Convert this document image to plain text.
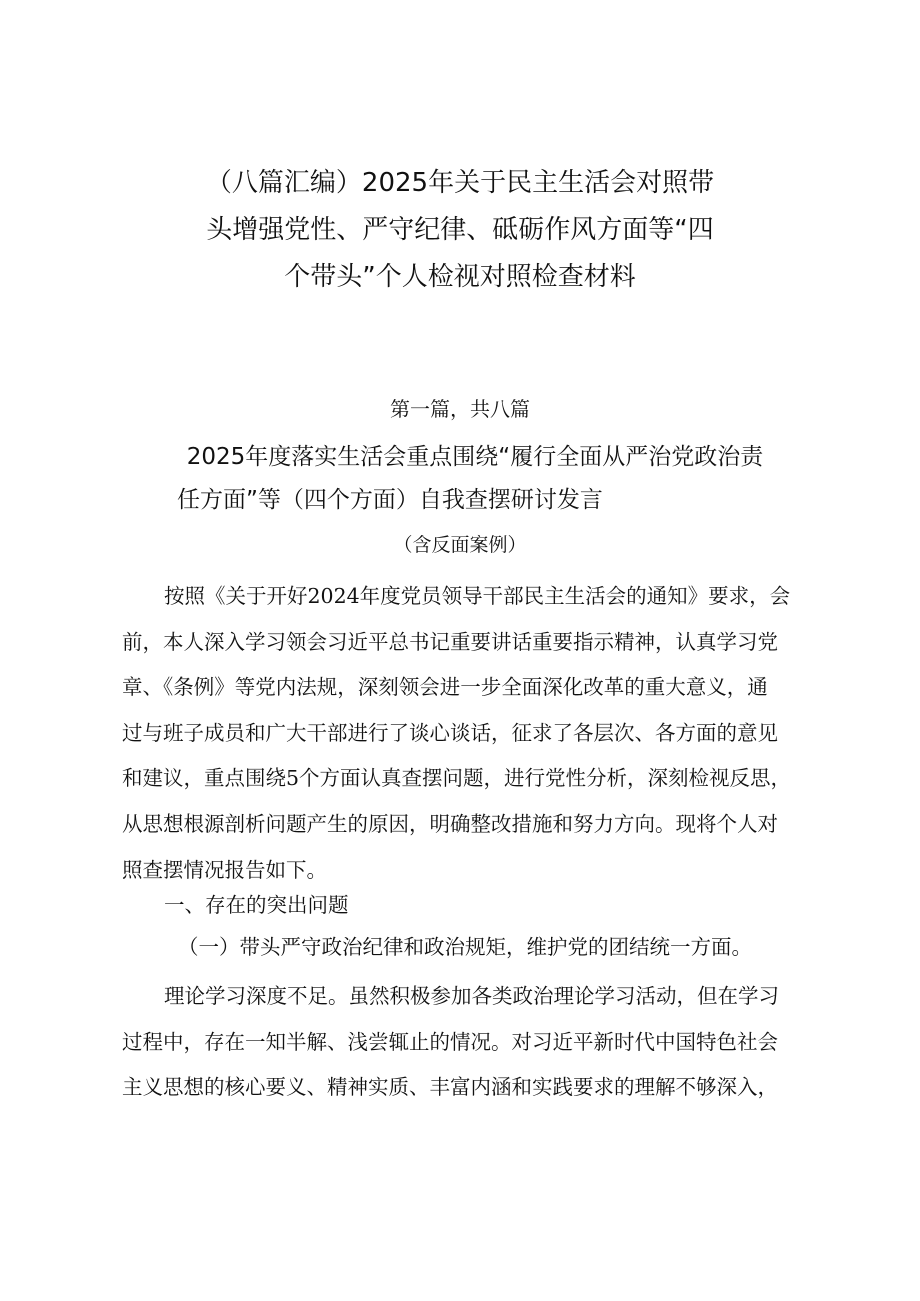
（八篇汇编）2025年关于民主生活会对照带
头增强党性、严守纪律、砥砺作风方面等“四
个带头”个人检视对照检查材料
第一篇，共八篇
2025年度落实生活会重点围绕“履行全面从严治党政治责
任方面”等（四个方面）自我查摆研讨发言
（含反面案例）
按照《关于开好2024年度党员领导干部民主生活会的通知》要求，会
前，本人深入学习领会习近平总书记重要讲话重要指示精神，认真学习党
章、《条例》等党内法规，深刻领会进一步全面深化改革的重大意义，通
过与班子成员和广大干部进行了谈心谈话，征求了各层次、各方面的意见
和建议，重点围绕5个方面认真查摆问题，进行党性分析，深刻检视反思，
从思想根源剖析问题产生的原因，明确整改措施和努力方向。现将个人对
照查摆情况报告如下。
一、存在的突出问题
（一）带头严守政治纪律和政治规矩，维护党的团结统一方面。
理论学习深度不足。虽然积极参加各类政治理论学习活动，但在学习
过程中，存在一知半解、浅尝辄止的情况。对习近平新时代中国特色社会
主义思想的核心要义、精神实质、丰富内涵和实践要求的理解不够深入，
